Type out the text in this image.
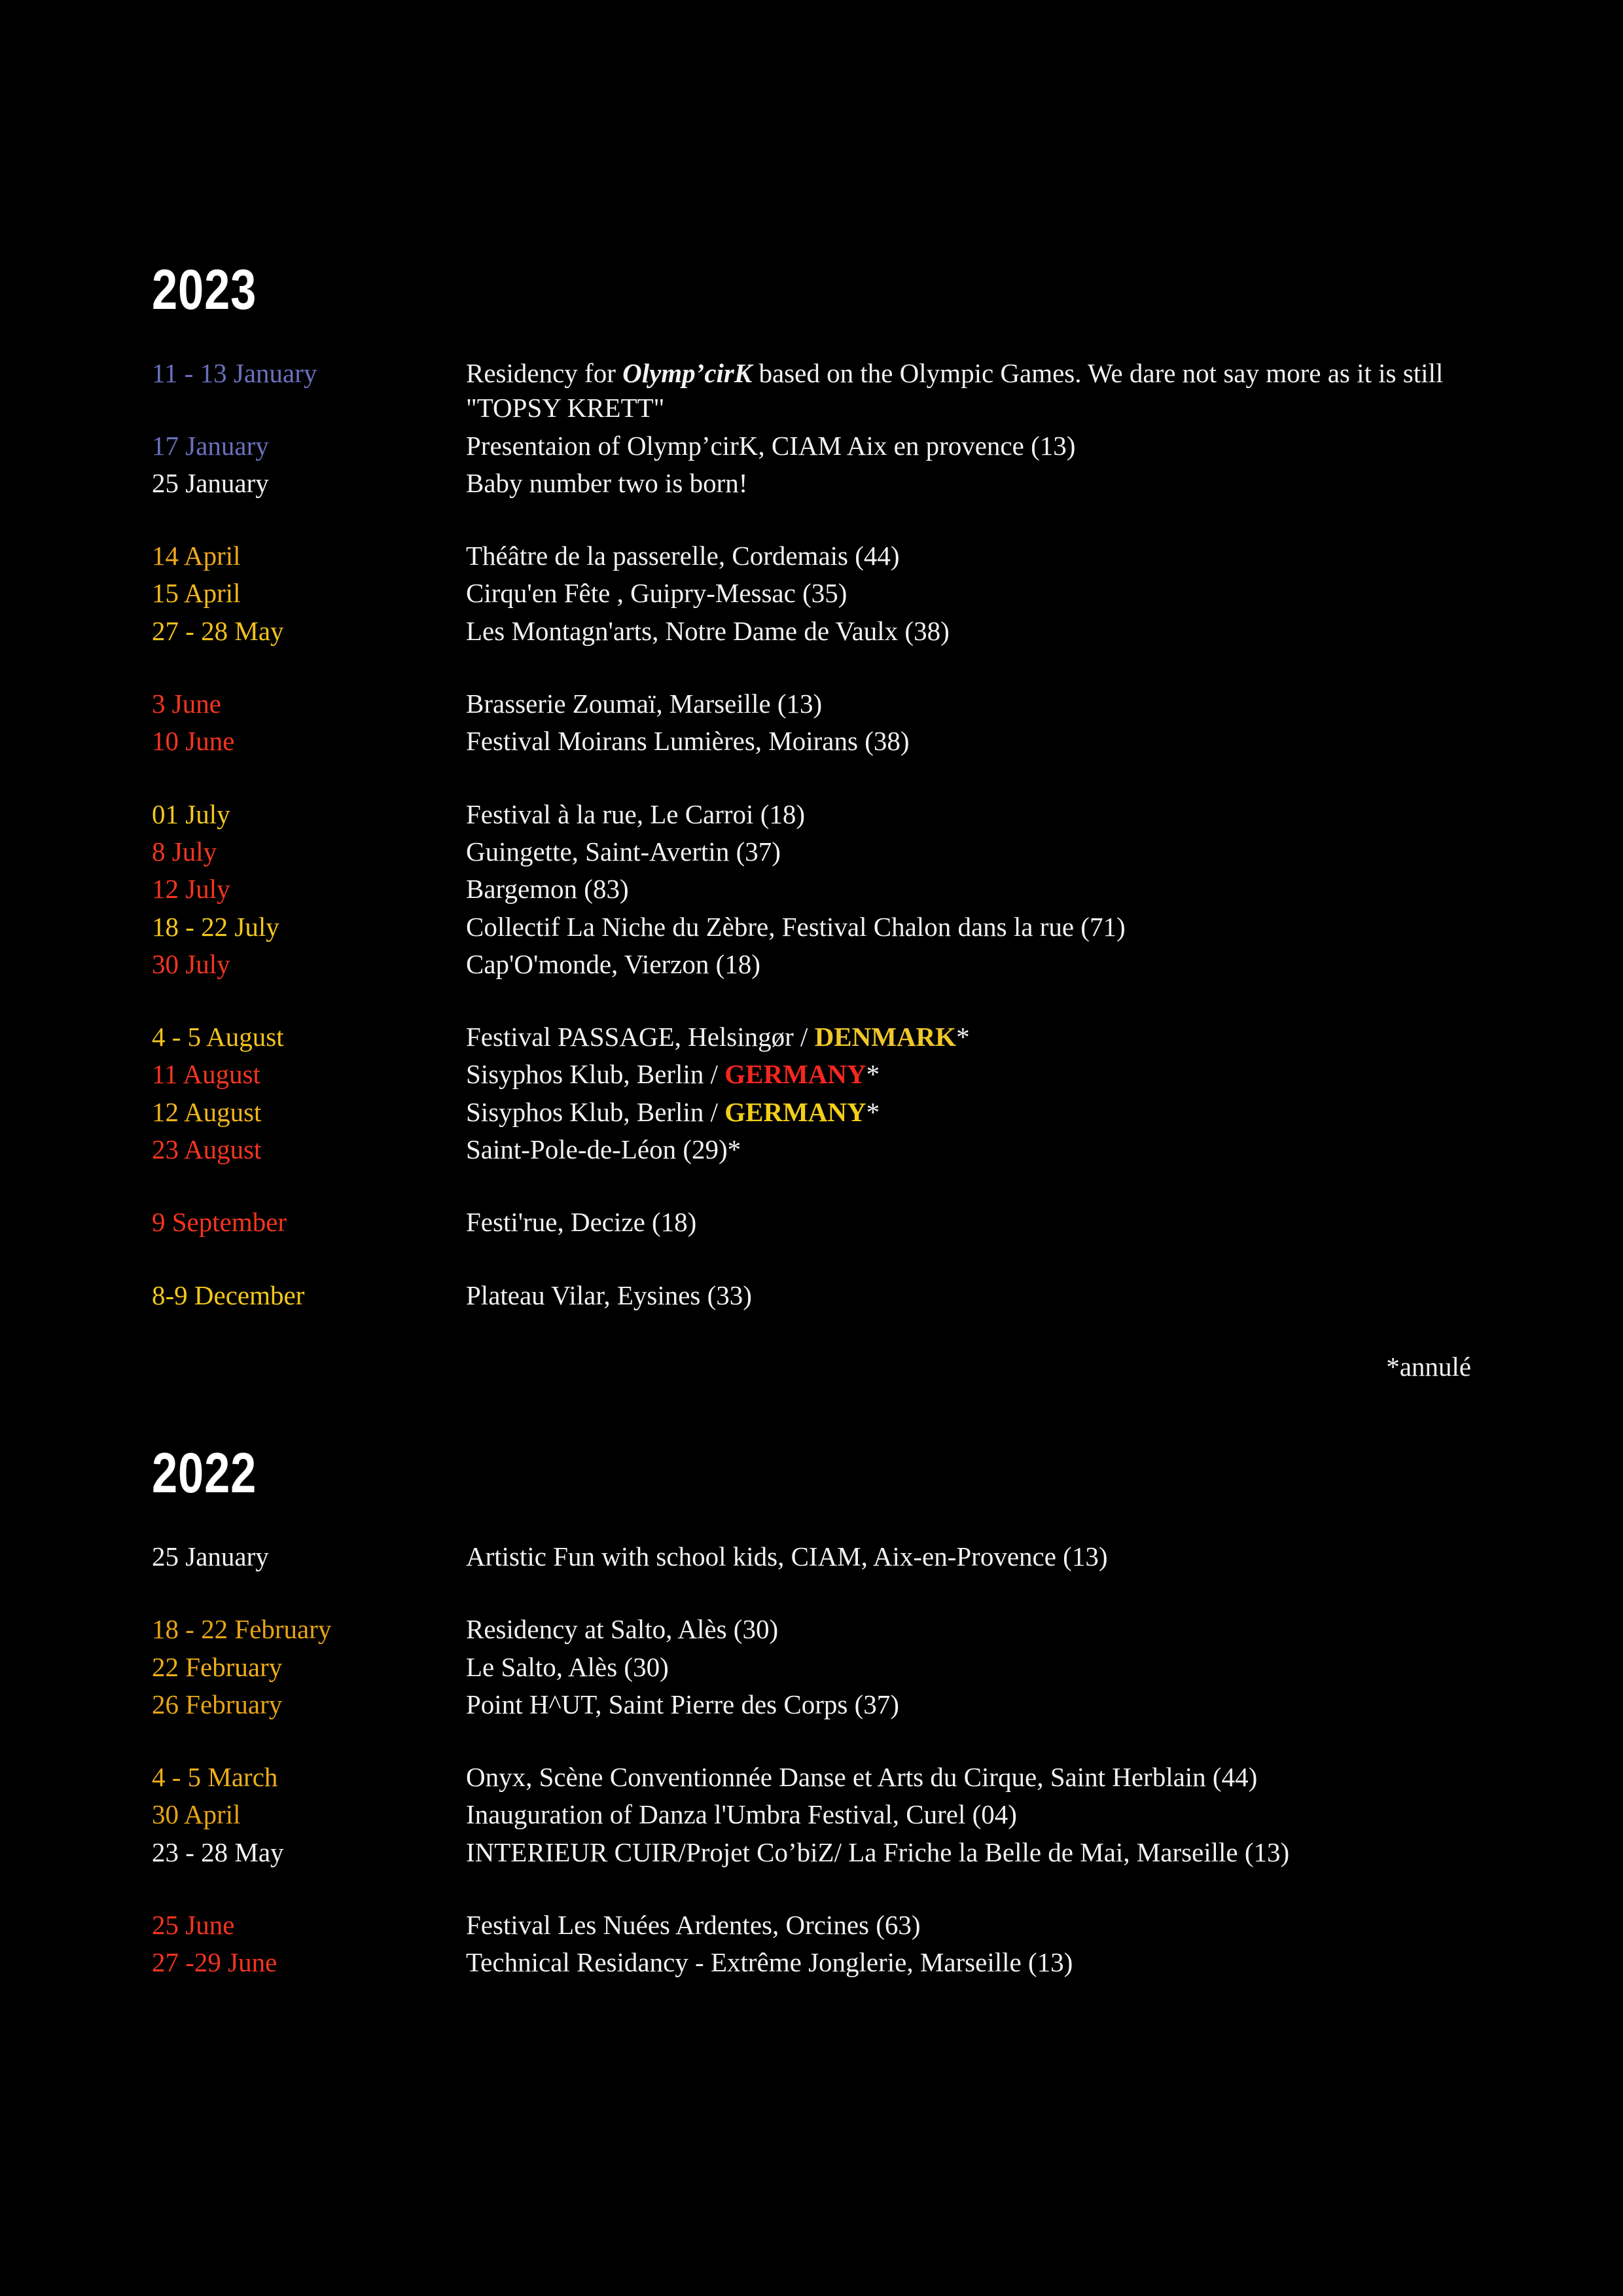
2023
11 - 13 January	Residency for Olymp’cirK based on the Olympic Games. We dare not say more as it is still "TOPSY KRETT"
17 January	Presentaion of Olymp’cirK, CIAM Aix en provence (13)
25 January	Baby number two is born!
14 April	Théâtre de la passerelle, Cordemais (44)
15 April	Cirqu'en Fête , Guipry-Messac (35)
27 - 28 May	Les Montagn'arts, Notre Dame de Vaulx (38)
3 June	Brasserie Zoumaï, Marseille (13)
10 June	Festival Moirans Lumières, Moirans (38)
01 July	Festival à la rue, Le Carroi (18)
8 July	Guingette, Saint-Avertin (37)
12 July	Bargemon (83)
18 - 22 July	Collectif La Niche du Zèbre, Festival Chalon dans la rue (71)
30 July	Cap'O'monde, Vierzon (18)
4 - 5 August	Festival PASSAGE, Helsingør / DENMARK*
11 August	Sisyphos Klub, Berlin / GERMANY*
12 August	Sisyphos Klub, Berlin / GERMANY*
23 August	Saint-Pole-de-Léon (29)*
9 September	Festi'rue, Decize (18)
8-9 December	Plateau Vilar, Eysines (33)
*annulé
2022
25 January	Artistic Fun with school kids, CIAM, Aix-en-Provence (13)
18 - 22 February	Residency at Salto, Alès (30)
22 February	Le Salto, Alès (30)
26 February	Point H^UT, Saint Pierre des Corps (37)
4 - 5 March	Onyx, Scène Conventionnée Danse et Arts du Cirque, Saint Herblain (44)
30 April	Inauguration of Danza l'Umbra Festival, Curel (04)
23 - 28 May	INTERIEUR CUIR/Projet Co’biZ/ La Friche la Belle de Mai, Marseille (13)
25 June	Festival Les Nuées Ardentes, Orcines (63)
27 -29 June	Technical Residancy - Extrême Jonglerie, Marseille (13)
